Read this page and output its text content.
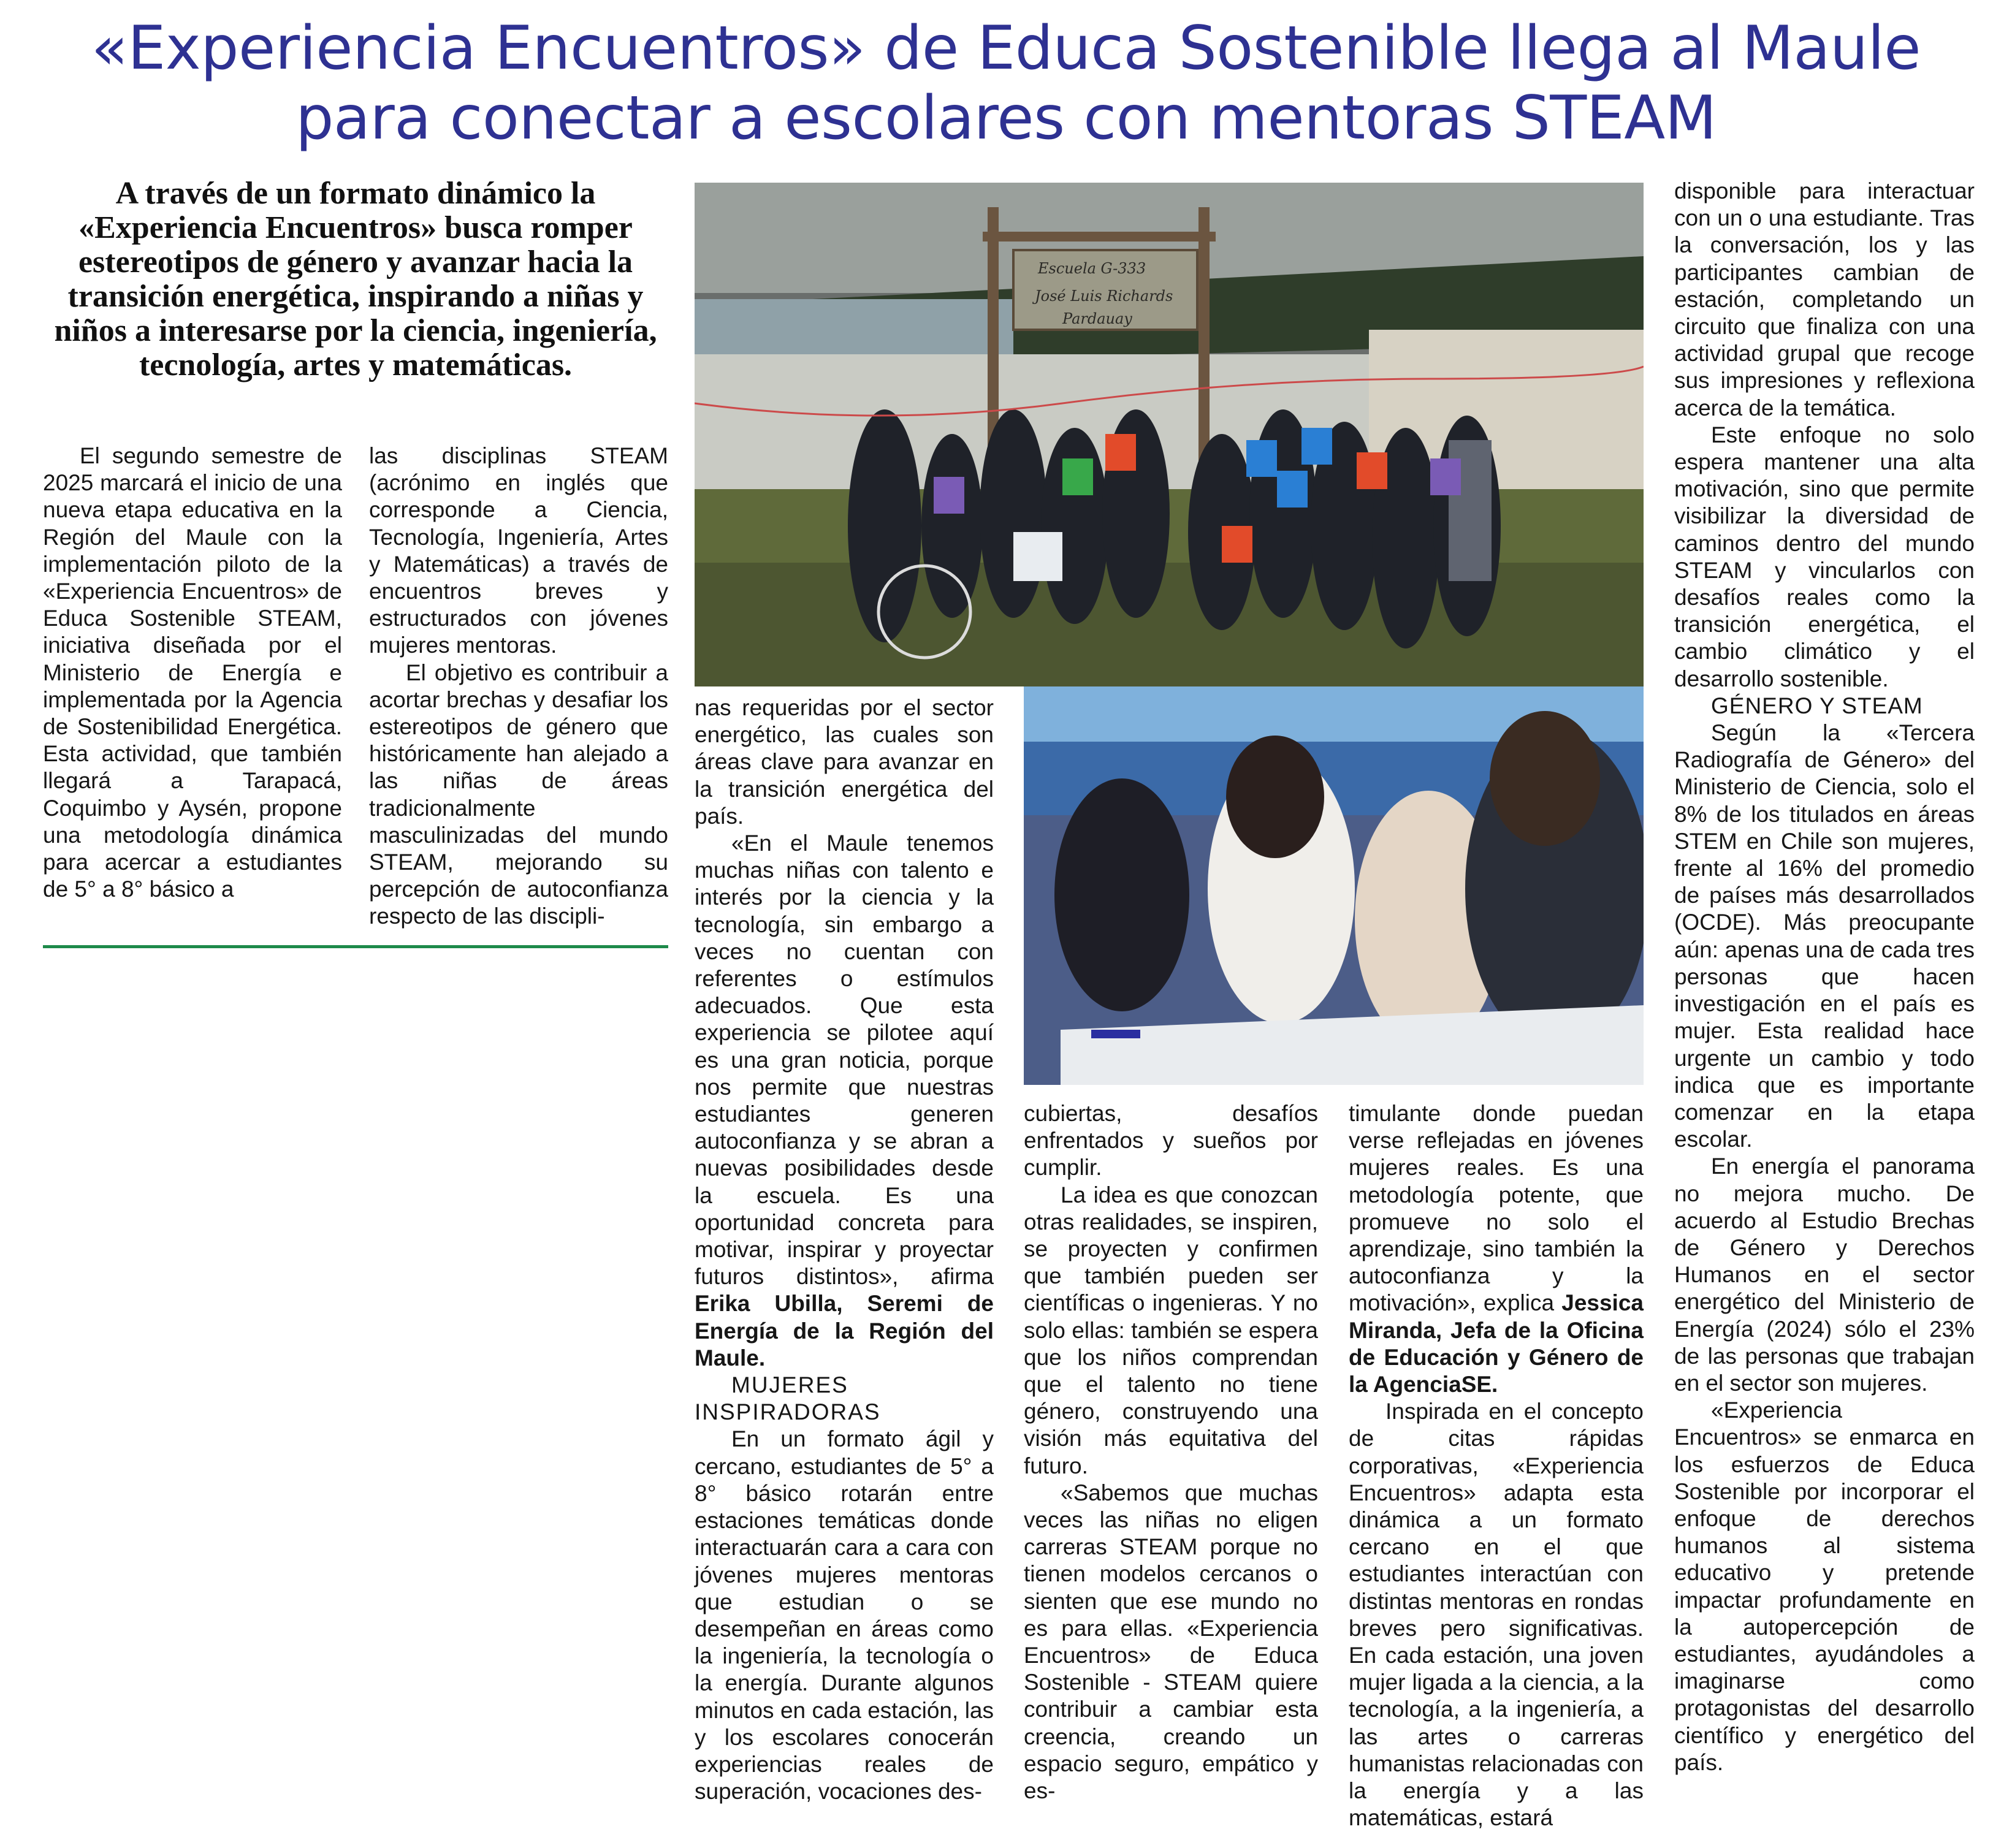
«Experiencia Encuentros» de Educa Sostenible llega al Maule
para conectar a escolares con mentoras STEAM
A través de un formato dinámico la «Experiencia Encuentros» busca romper estereotipos de género y avanzar hacia la transición energética, inspirando a niñas y niños a interesarse por la ciencia, ingeniería, tecnología, artes y matemáticas.

El segundo semestre de 2025 marcará el inicio de una nueva etapa educativa en la Región del Maule con la implementación piloto de la «Experiencia Encuentros» de Educa Sostenible STEAM, iniciativa diseñada por el Ministerio de Energía e implementada por la Agencia de Sostenibilidad Energética. Esta actividad, que también llegará a Tarapacá, Coquimbo y Aysén, propone una metodología dinámica para acercar a estudiantes de 5° a 8° básico a

las disciplinas STEAM (acrónimo en inglés que corresponde a Ciencia, Tecnología, Ingeniería, Artes y Matemáticas) a través de encuentros breves y estructurados con jóvenes mujeres mentoras.

El objetivo es contribuir a acortar brechas y desafiar los estereotipos de género que históricamente han alejado a las niñas de áreas tradicionalmente masculinizadas del mundo STEAM, mejorando su percepción de autoconfianza respecto de las discipli-

Escuela G-333
José Luis Richards
Pardauay

nas requeridas por el sector energético, las cuales son áreas clave para avanzar en la transición energética del país.

«En el Maule tenemos muchas niñas con talento e interés por la ciencia y la tecnología, sin embargo a veces no cuentan con referentes o estímulos adecuados. Que esta experiencia se pilotee aquí es una gran noticia, porque nos permite que nuestras estudiantes generen autoconfianza y se abran a nuevas posibilidades desde la escuela. Es una oportunidad concreta para motivar, inspirar y proyectar futuros distintos», afirma Erika Ubilla, Seremi de Energía de la Región del Maule.

MUJERES INSPIRADORAS

En un formato ágil y cercano, estudiantes de 5° a 8° básico rotarán entre estaciones temáticas donde interactuarán cara a cara con jóvenes mujeres mentoras que estudian o se desempeñan en áreas como la ingeniería, la tecnología o la energía. Durante algunos minutos en cada estación, las y los escolares conocerán experiencias reales de superación, vocaciones des-

cubiertas, desafíos enfrentados y sueños por cumplir.

La idea es que conozcan otras realidades, se inspiren, se proyecten y confirmen que también pueden ser científicas o ingenieras. Y no solo ellas: también se espera que los niños comprendan que el talento no tiene género, construyendo una visión más equitativa del futuro.

«Sabemos que muchas veces las niñas no eligen carreras STEAM porque no tienen modelos cercanos o sienten que ese mundo no es para ellas. «Experiencia Encuentros» de Educa Sostenible - STEAM quiere contribuir a cambiar esta creencia, creando un espacio seguro, empático y es-

timulante donde puedan verse reflejadas en jóvenes mujeres reales. Es una metodología potente, que promueve no solo el aprendizaje, sino también la autoconfianza y la motivación», explica Jessica Miranda, Jefa de la Oficina de Educación y Género de la AgenciaSE.

Inspirada en el concepto de citas rápidas corporativas, «Experiencia Encuentros» adapta esta dinámica a un formato cercano en el que estudiantes interactúan con distintas mentoras en rondas breves pero significativas. En cada estación, una joven mujer ligada a la ciencia, a la tecnología, a la ingeniería, a las artes o carreras humanistas relacionadas con la energía y a las matemáticas, estará

disponible para interactuar con un o una estudiante. Tras la conversación, los y las participantes cambian de estación, completando un circuito que finaliza con una actividad grupal que recoge sus impresiones y reflexiona acerca de la temática.

Este enfoque no solo espera mantener una alta motivación, sino que permite visibilizar la diversidad de caminos dentro del mundo STEAM y vincularlos con desafíos reales como la transición energética, el cambio climático y el desarrollo sostenible.

GÉNERO Y STEAM

Según la «Tercera Radiografía de Género» del Ministerio de Ciencia, solo el 8% de los titulados en áreas STEM en Chile son mujeres, frente al 16% del promedio de países más desarrollados (OCDE). Más preocupante aún: apenas una de cada tres personas que hacen investigación en el país es mujer. Esta realidad hace urgente un cambio y todo indica que es importante comenzar en la etapa escolar.

En energía el panorama no mejora mucho. De acuerdo al Estudio Brechas de Género y Derechos Humanos en el sector energético del Ministerio de Energía (2024) sólo el 23% de las personas que trabajan en el sector son mujeres.

«Experiencia Encuentros» se enmarca en los esfuerzos de Educa Sostenible por incorporar el enfoque de derechos humanos al sistema educativo y pretende impactar profundamente en la autopercepción de estudiantes, ayudándoles a imaginarse como protagonistas del desarrollo científico y energético del país.
